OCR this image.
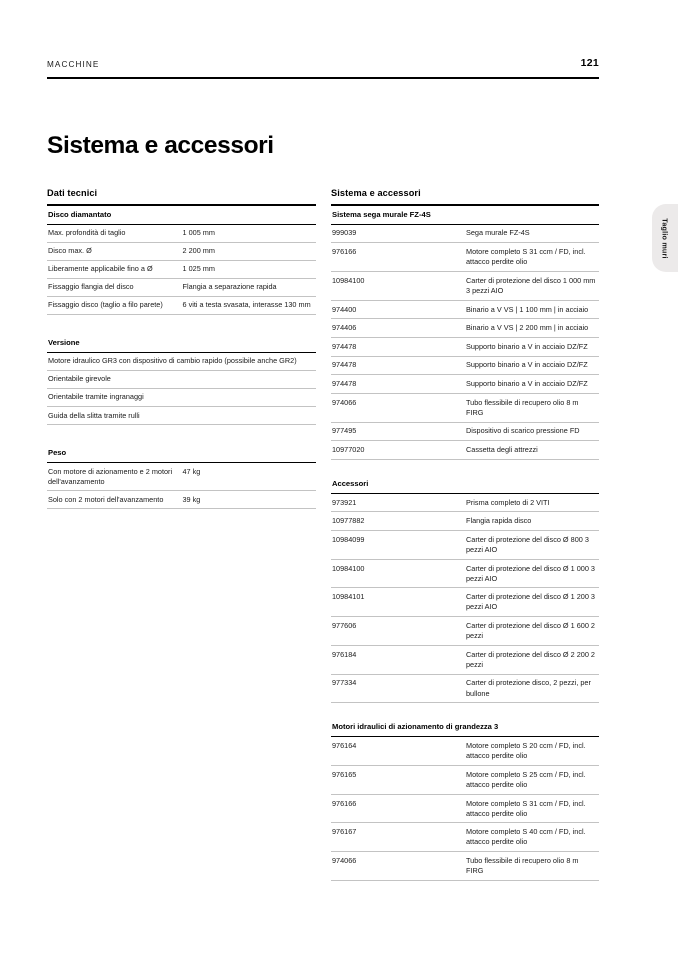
MACCHINE	121
Taglio muri
Sistema e accessori
Dati tecnici
Disco diamantato	
Max. profondità di taglio	1 005 mm
Disco max. Ø	2 200 mm
Liberamente applicabile fino a Ø	1 025 mm
Fissaggio flangia del disco	Flangia a separazione rapida
Fissaggio disco (taglio a filo parete)	6 viti a testa svasata, interasse 130 mm
Versione
Motore idraulico GR3 con dispositivo di cambio rapido (possibile anche GR2)
Orientabile girevole
Orientabile tramite ingranaggi
Guida della slitta tramite rulli
Peso	
Con motore di azionamento e 2 motori dell'avanzamento	47 kg
Solo con 2 motori dell'avanzamento	39 kg
Sistema e accessori
Sistema sega murale FZ-4S	
999039	Sega murale FZ-4S
976166	Motore completo S 31 ccm / FD, incl. attacco perdite olio
10984100	Carter di protezione del disco 1 000 mm 3 pezzi AIO
974400	Binario a V VS | 1 100 mm | in acciaio
974406	Binario a V VS | 2 200 mm | in acciaio
974478	Supporto binario a V in acciaio DZ/FZ
974478	Supporto binario a V in acciaio DZ/FZ
974478	Supporto binario a V in acciaio DZ/FZ
974066	Tubo flessibile di recupero olio 8 m FIRG
977495	Dispositivo di scarico pressione FD
10977020	Cassetta degli attrezzi
Accessori	
973921	Prisma completo di 2 VITI
10977882	Flangia rapida disco
10984099	Carter di protezione del disco Ø 800 3 pezzi AIO
10984100	Carter di protezione del disco Ø 1 000 3 pezzi AIO
10984101	Carter di protezione del disco Ø 1 200 3 pezzi AIO
977606	Carter di protezione del disco Ø 1 600 2 pezzi
976184	Carter di protezione del disco Ø 2 200 2 pezzi
977334	Carter di protezione disco, 2 pezzi, per bullone
Motori idraulici di azionamento di grandezza 3	
976164	Motore completo S 20 ccm / FD, incl. attacco perdite olio
976165	Motore completo S 25 ccm / FD, incl. attacco perdite olio
976166	Motore completo S 31 ccm / FD, incl. attacco perdite olio
976167	Motore completo S 40 ccm / FD, incl. attacco perdite olio
974066	Tubo flessibile di recupero olio 8 m FIRG
